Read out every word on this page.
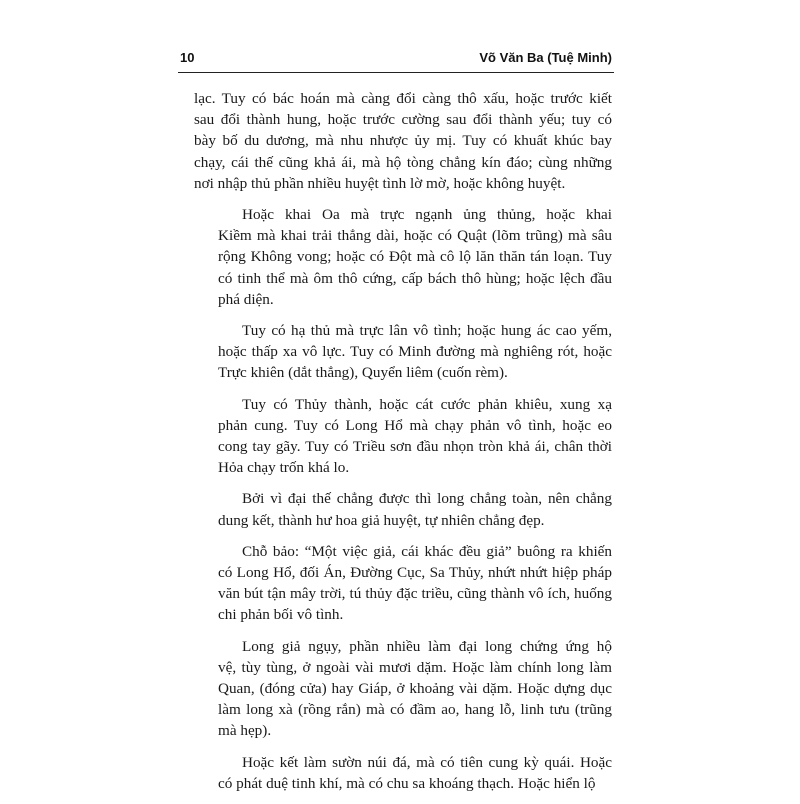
10	Võ Văn Ba (Tuệ Minh)

lạc. Tuy có bác hoán mà càng đổi càng thô xấu, hoặc trước kiết
sau đổi thành hung, hoặc trước cường sau đổi thành yếu; tuy có
bày bố du dương, mà nhu nhược ủy mị. Tuy có khuất khúc bay
chạy, cái thế cũng khả ái, mà hộ tòng chẳng kín đáo; cùng những
nơi nhập thủ phần nhiều huyệt tình lờ mờ, hoặc không huyệt.

Hoặc khai Oa mà trực ngạnh ủng thủng, hoặc khai
Kiềm mà khai trải thẳng dài, hoặc có Quật (lõm trũng) mà sâu
rộng Không vong; hoặc có Đột mà cô lộ lăn thăn tán loạn. Tuy
có tinh thể mà ôm thô cứng, cấp bách thô hùng; hoặc lệch đầu
phá diện.

Tuy có hạ thủ mà trực lân vô tình; hoặc hung ác cao yếm,
hoặc thấp xa vô lực. Tuy có Minh đường mà nghiêng rót, hoặc
Trực khiên (dắt thẳng), Quyển liêm (cuốn rèm).

Tuy có Thủy thành, hoặc cát cước phản khiêu, xung xạ
phản cung. Tuy có Long Hổ mà chạy phản vô tình, hoặc eo
cong tay gãy. Tuy có Triều sơn đầu nhọn tròn khả ái, chân thời
Hỏa chạy trốn khá lo.

Bởi vì đại thế chẳng được thì long chẳng toàn, nên chẳng
dung kết, thành hư hoa giả huyệt, tự nhiên chẳng đẹp.

Chỗ bảo: “Một việc giả, cái khác đều giả” buông ra khiến
có Long Hổ, đối Án, Đường Cục, Sa Thủy, nhứt nhứt hiệp pháp
văn bút tận mây trời, tú thủy đặc triều, cũng thành vô ích, huống
chi phản bối vô tình.

Long giả ngụy, phần nhiều làm đại long chứng ứng hộ
vệ, tùy tùng, ở ngoài vài mươi dặm. Hoặc làm chính long làm
Quan, (đóng cửa) hay Giáp, ở khoảng vài dặm. Hoặc dựng dục
làm long xà (rồng rắn) mà có đầm ao, hang lỗ, linh tưu (trũng
mà hẹp).

Hoặc kết làm sườn núi đá, mà có tiên cung kỳ quái. Hoặc
có phát duệ tinh khí, mà có chu sa khoáng thạch. Hoặc hiển lộ
